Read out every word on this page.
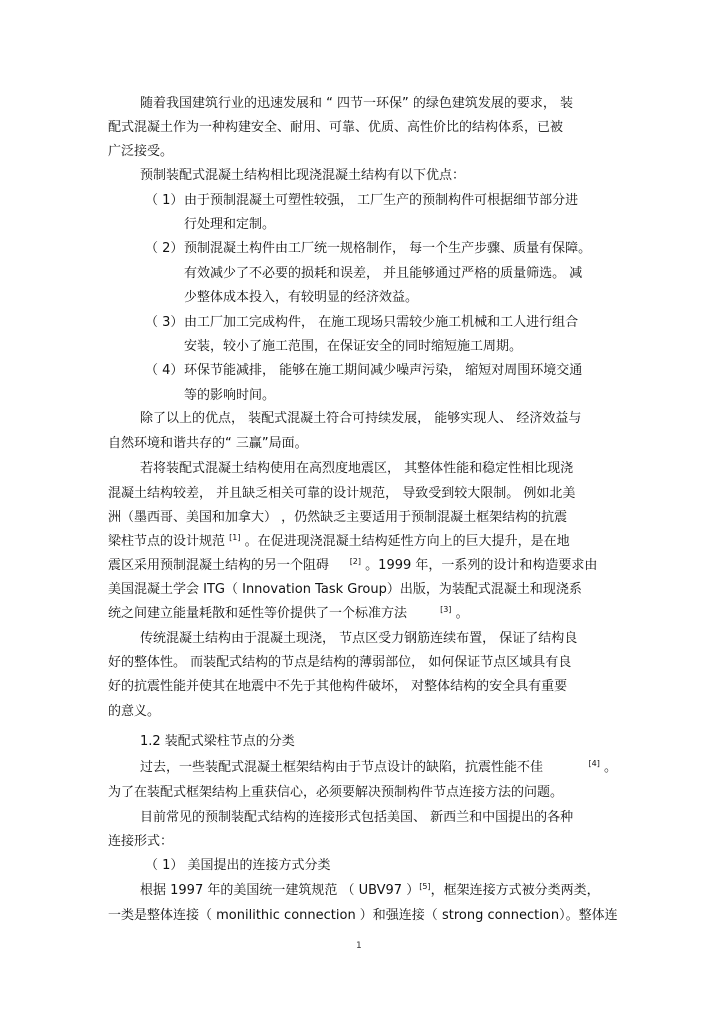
随着我国建筑行业的迅速发展和 “ 四节一环保” 的绿色建筑发展的要求， 装
配式混凝土作为一种构建安全、耐用、可靠、优质、高性价比的结构体系，已被
广泛接受。
预制装配式混凝土结构相比现浇混凝土结构有以下优点：
（ 1） 由于预制混凝土可塑性较强， 工厂生产的预制构件可根据细节部分进
行处理和定制。
（ 2） 预制混凝土构件由工厂统一规格制作， 每一个生产步骤、质量有保障。
有效减少了不必要的损耗和误差， 并且能够通过严格的质量筛选。 减
少整体成本投入，有较明显的经济效益。
（ 3） 由工厂加工完成构件， 在施工现场只需较少施工机械和工人进行组合
安装，较小了施工范围，在保证安全的同时缩短施工周期。
（ 4） 环保节能减排， 能够在施工期间减少噪声污染， 缩短对周围环境交通
等的影响时间。
除了以上的优点， 装配式混凝土符合可持续发展， 能够实现人、 经济效益与
自然环境和谐共存的“ 三赢”局面。
若将装配式混凝土结构使用在高烈度地震区， 其整体性能和稳定性相比现浇
混凝土结构较差， 并且缺乏相关可靠的设计规范， 导致受到较大限制。 例如北美
洲（墨西哥、美国和加拿大） ，仍然缺乏主要适用于预制混凝土框架结构的抗震
梁柱节点的设计规范 [1] 。在促进现浇混凝土结构延性方向上的巨大提升，是在地
震区采用预制混凝土结构的另一个阻碍	[2] 。1999 年，一系列的设计和构造要求由
美国混凝土学会 ITG（ Innovation Task Group）出版，为装配式混凝土和现浇系
统之间建立能量耗散和延性等价提供了一个标准方法	[3] 。
传统混凝土结构由于混凝土现浇， 节点区受力钢筋连续布置， 保证了结构良
好的整体性。 而装配式结构的节点是结构的薄弱部位， 如何保证节点区域具有良
好的抗震性能并使其在地震中不先于其他构件破坏， 对整体结构的安全具有重要
的意义。
1.2 装配式梁柱节点的分类
过去，一些装配式混凝土框架结构由于节点设计的缺陷，抗震性能不佳	[4] 。
为了在装配式框架结构上重获信心，必须要解决预制构件节点连接方法的问题。
目前常见的预制装配式结构的连接形式包括美国、 新西兰和中国提出的各种
连接形式：
（ 1） 美国提出的连接方式分类
根据 1997 年的美国统一建筑规范 （ UBV97 ）[5]，框架连接方式被分类两类，
一类是整体连接（ monilithic connection ）和强连接（ strong connection）。整体连
1
